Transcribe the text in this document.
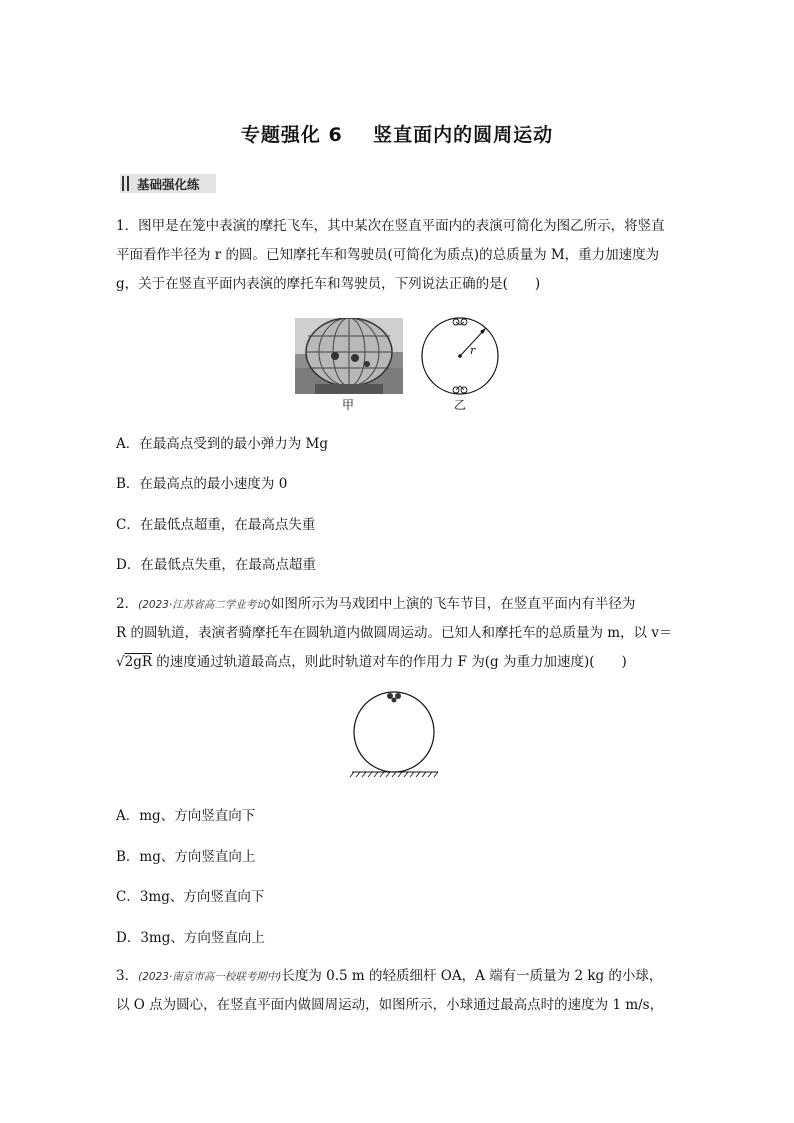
专题强化 6    竖直面内的圆周运动
基础强化练
1．图甲是在笼中表演的摩托飞车，其中某次在竖直平面内的表演可简化为图乙所示，将竖直
平面看作半径为 r 的圆。已知摩托车和驾驶员(可简化为质点)的总质量为 M，重力加速度为
g，关于在竖直平面内表演的摩托车和驾驶员，下列说法正确的是(　　)
甲
r
乙
A．在最高点受到的最小弹力为 Mg
B．在最高点的最小速度为 0
C．在最低点超重，在最高点失重
D．在最低点失重，在最高点超重
2．(2023·江苏省高二学业考试)如图所示为马戏团中上演的飞车节目，在竖直平面内有半径为
R 的圆轨道，表演者骑摩托车在圆轨道内做圆周运动。已知人和摩托车的总质量为 m，以 v＝
√2gR 的速度通过轨道最高点，则此时轨道对车的作用力 F 为(g 为重力加速度)(　　)
A．mg、方向竖直向下
B．mg、方向竖直向上
C．3mg、方向竖直向下
D．3mg、方向竖直向上
3．(2023·南京市高一校联考期中)长度为 0.5 m 的轻质细杆 OA，A 端有一质量为 2 kg 的小球，
以 O 点为圆心，在竖直平面内做圆周运动，如图所示，小球通过最高点时的速度为 1 m/s，
